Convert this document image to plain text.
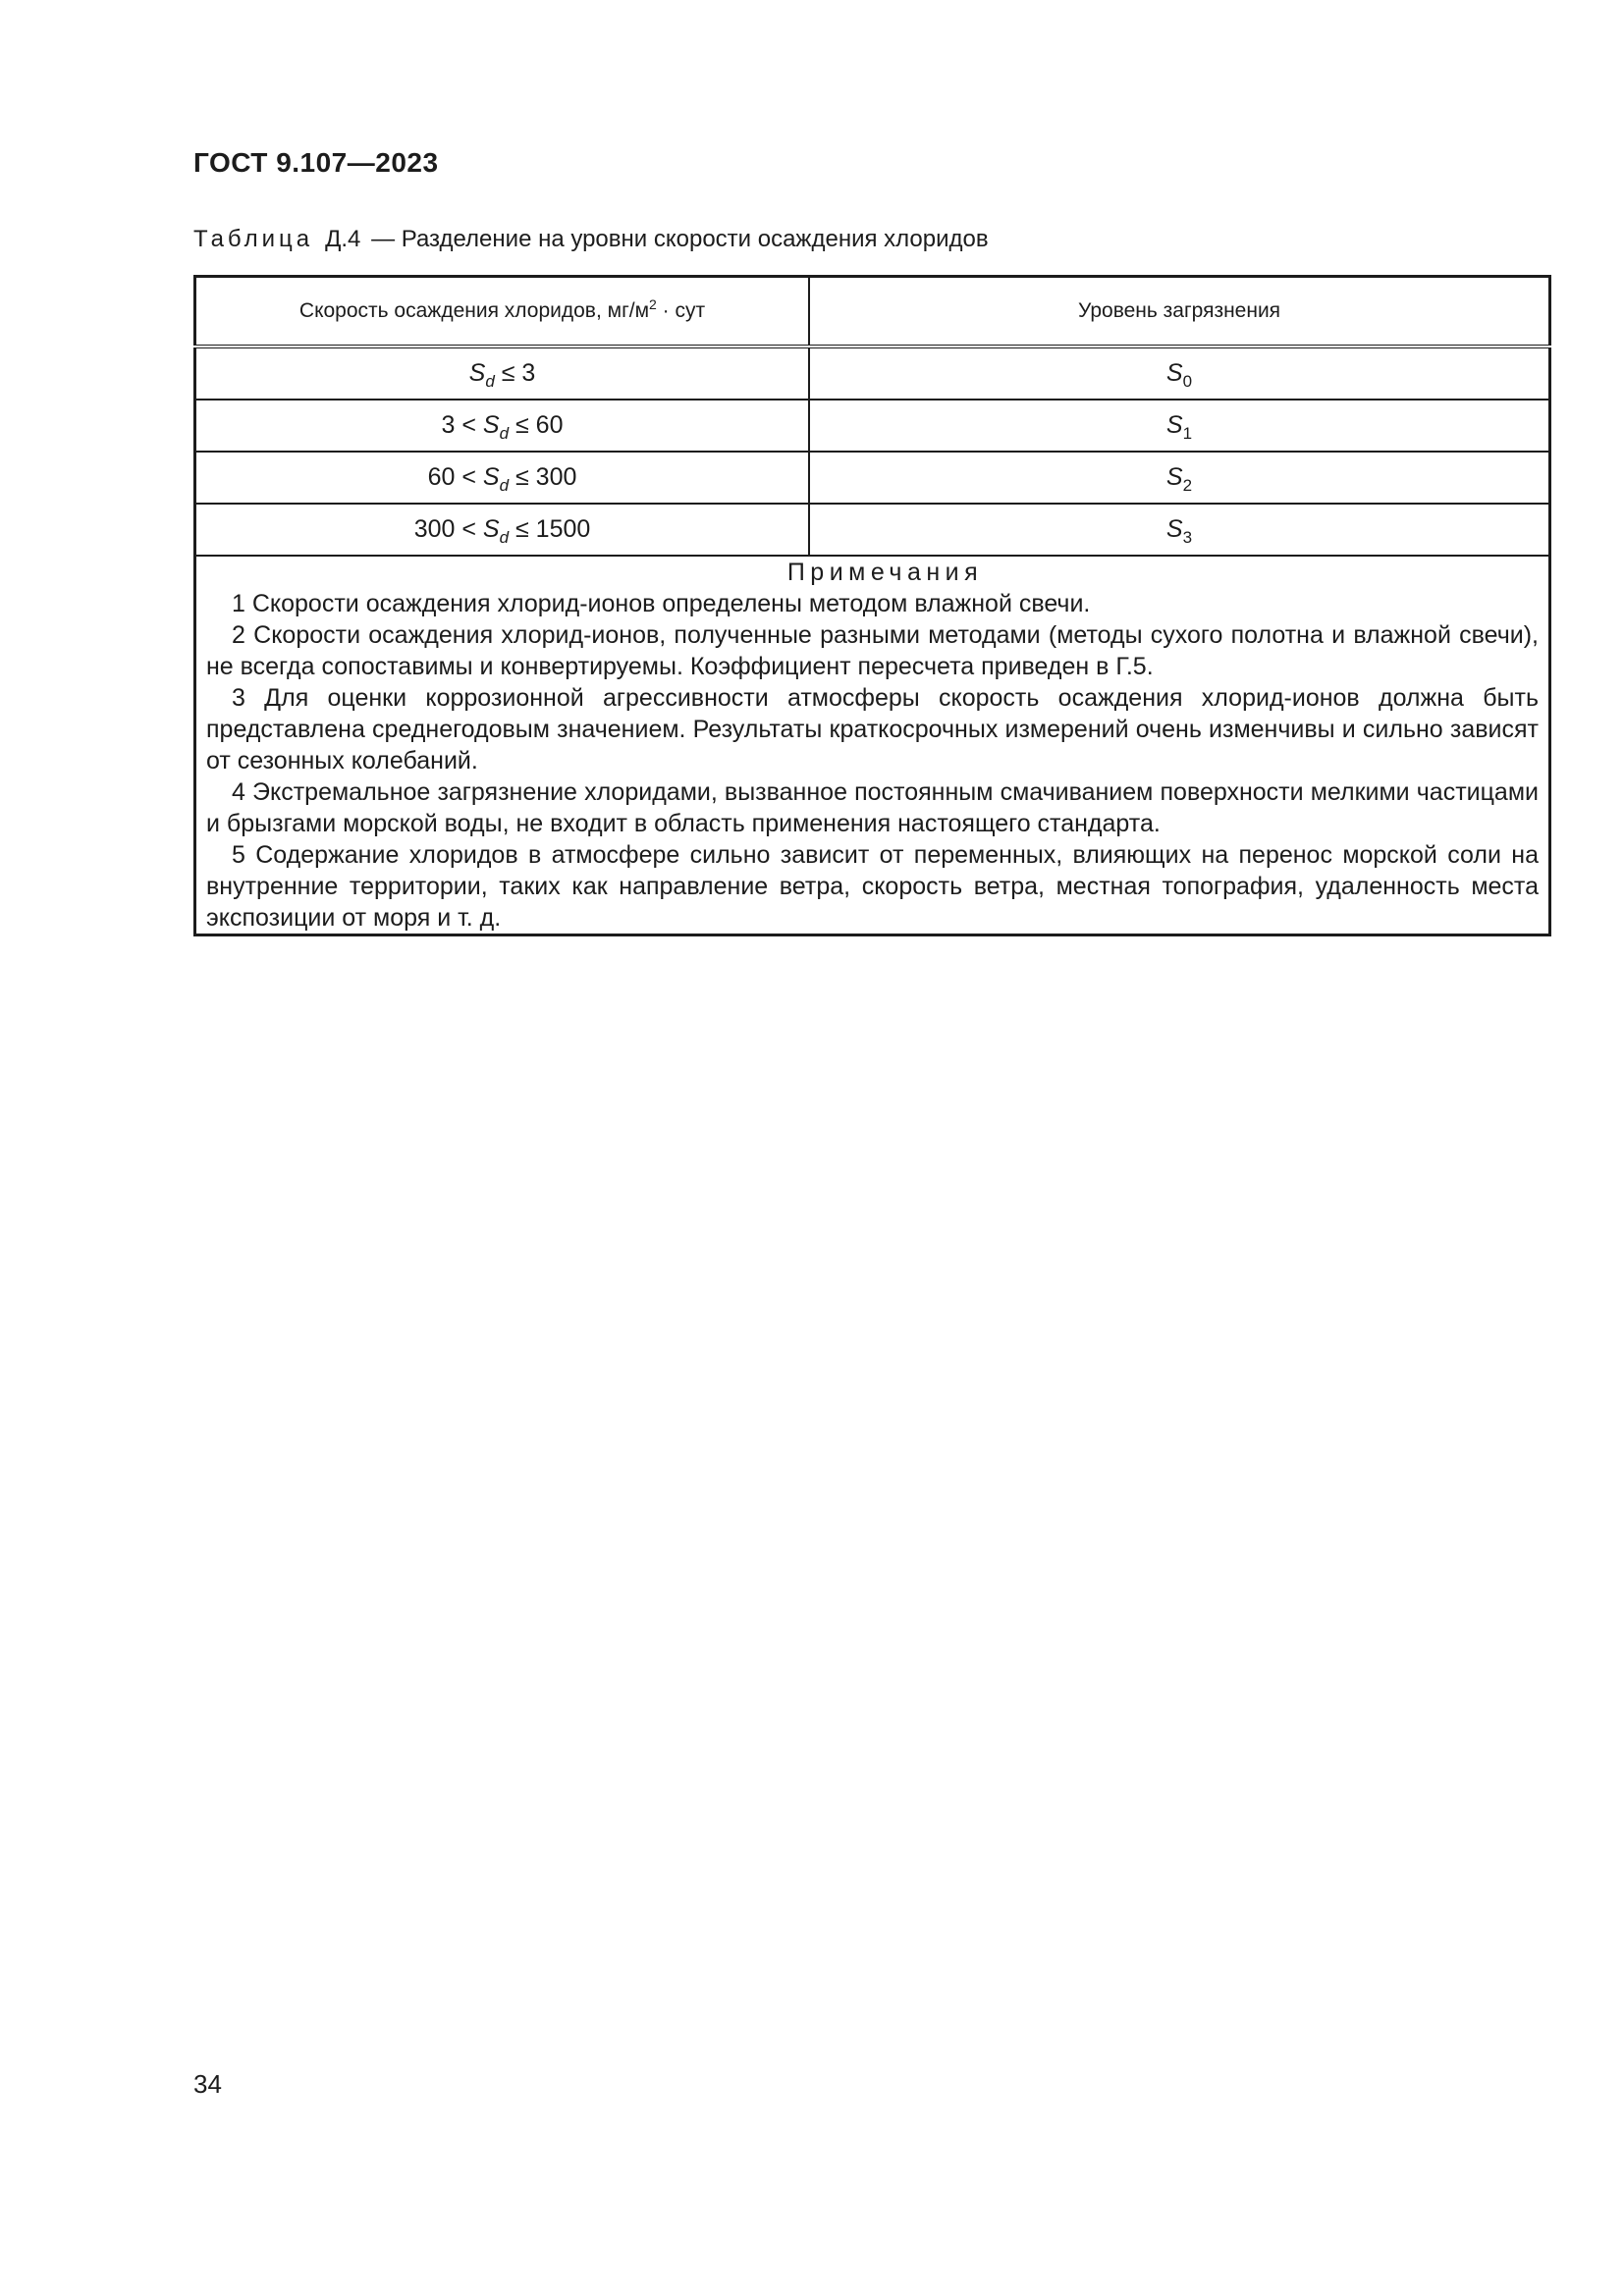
ГОСТ 9.107—2023
Таблица Д.4 — Разделение на уровни скорости осаждения хлоридов
Скорость осаждения хлоридов, $мг/м^2$ · сут	Уровень загрязнения
$S_d \le 3$	$S_0$
$3 < S_d \le 60$	$S_1$
$60 < S_d \le 300$	$S_2$
$300 < S_d \le 1500$	$S_3$

Примечания

1 Скорости осаждения хлорид-ионов определены методом влажной свечи.

2 Скорости осаждения хлорид-ионов, полученные разными методами (методы сухого полотна и влажной свечи), не всегда сопоставимы и конвертируемы. Коэффициент пересчета приведен в Г.5.

3 Для оценки коррозионной агрессивности атмосферы скорость осаждения хлорид-ионов должна быть представлена среднегодовым значением. Результаты краткосрочных измерений очень изменчивы и сильно зависят от сезонных колебаний.

4 Экстремальное загрязнение хлоридами, вызванное постоянным смачиванием поверхности мелкими частицами и брызгами морской воды, не входит в область применения настоящего стандарта.

5 Содержание хлоридов в атмосфере сильно зависит от переменных, влияющих на перенос морской соли на внутренние территории, таких как направление ветра, скорость ветра, местная топография, удаленность места экспозиции от моря и т. д.

34
